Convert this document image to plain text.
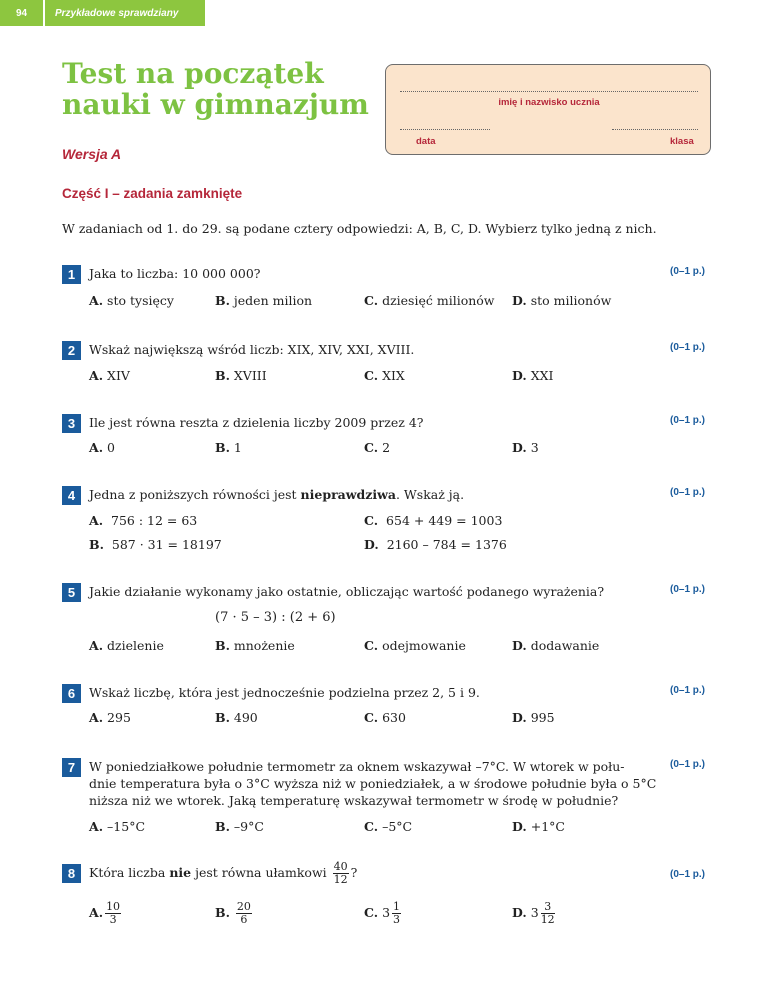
94	Przykładowe sprawdziany
Test na początek
nauki w gimnazjum
Wersja A
imię i nazwisko ucznia
data	klasa
Część I – zadania zamknięte
W zadaniach od 1. do 29. są podane cztery odpowiedzi: A, B, C, D. Wybierz tylko jedną z nich.
1	Jaka to liczba: 10 000 000?	(0–1 p.)
A. sto tysięcy	B. jeden milion	C. dziesięć milionów D. sto milionów
2	Wskaż największą wśród liczb: XIX, XIV, XXI, XVIII.	(0–1 p.)
A. XIV	B. XVIII	C. XIX	D. XXI
3	Ile jest równa reszta z dzielenia liczby 2009 przez 4?	(0–1 p.)
A. 0	B. 1	C. 2	D. 3
4	Jedna z poniższych równości jest nieprawdziwa. Wskaż ją.	(0–1 p.)
A. 756 : 12 = 63
B. 587 · 31 = 18197
C. 654 + 449 = 1003
D. 2160 – 784 = 1376
5	Jakie działanie wykonamy jako ostatnie, obliczając wartość podanego wyrażenia?	(0–1 p.)
(7 · 5 – 3) : (2 + 6)
A. dzielenie	B. mnożenie	C. odejmowanie	D. dodawanie
6	Wskaż liczbę, która jest jednocześnie podzielna przez 2, 5 i 9.	(0–1 p.)
A. 295	B. 490	C. 630	D. 995
7	W poniedziałkowe południe termometr za oknem wskazywał –7°C. W wtorek w połu-
dnie temperatura była o 3°C wyższa niż w poniedziałek, a w środowe południe była o 5°C
niższa niż we wtorek. Jaką temperaturę wskazywał termometr w środę w południe?
(0–1 p.)
A. –15°C	B. –9°C	C. –5°C	D. +1°C
8	Która liczba nie jest równa ułamkowi $\frac{40}{12}$ ?	(0–1 p.)
A. $\frac{10}{3}$	B. $\frac{20}{6}$	C. $3 \frac{1}{3}$	D. $3 \frac{3}{12}$
